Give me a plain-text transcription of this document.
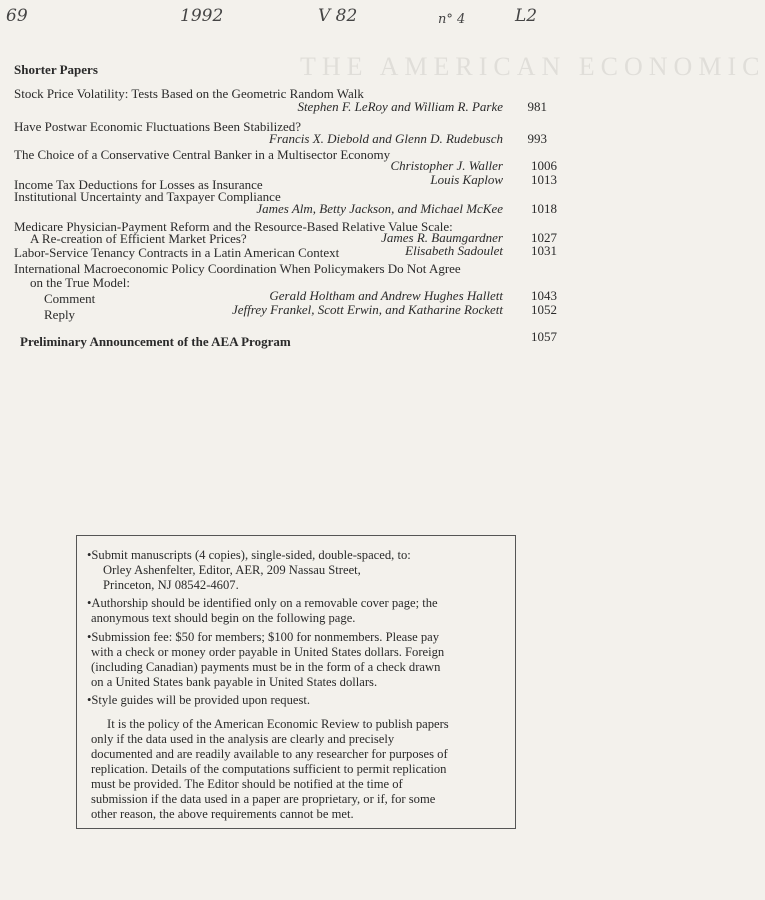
69	1992	V 82	n° 4	L2
THE AMERICAN ECONOMIC
Shorter Papers
Stock Price Volatility: Tests Based on the Geometric Random Walk
Stephen F. LeRoy and William R. Parke 981
Have Postwar Economic Fluctuations Been Stabilized?
Francis X. Diebold and Glenn D. Rudebusch 993
The Choice of a Conservative Central Banker in a Multisector Economy
Christopher J. Waller 1006
Income Tax Deductions for Losses as Insurance	Louis Kaplow 1013
Institutional Uncertainty and Taxpayer Compliance
James Alm, Betty Jackson, and Michael McKee 1018
Medicare Physician-Payment Reform and the Resource-Based Relative Value Scale:
A Re-creation of Efficient Market Prices?	James R. Baumgardner 1027
Labor-Service Tenancy Contracts in a Latin American Context	Elisabeth Sadoulet 1031
International Macroeconomic Policy Coordination When Policymakers Do Not Agree
on the True Model:
Comment	Gerald Holtham and Andrew Hughes Hallett 1043
Reply	Jeffrey Frankel, Scott Erwin, and Katharine Rockett 1052
Preliminary Announcement of the AEA Program	1057
•Submit manuscripts (4 copies), single-sided, double-spaced, to:
Orley Ashenfelter, Editor, AER, 209 Nassau Street,
Princeton, NJ 08542-4607.
•Authorship should be identified only on a removable cover page; the
anonymous text should begin on the following page.
•Submission fee: $50 for members; $100 for nonmembers. Please pay
with a check or money order payable in United States dollars. Foreign
(including Canadian) payments must be in the form of a check drawn
on a United States bank payable in United States dollars.
•Style guides will be provided upon request.
It is the policy of the American Economic Review to publish papers
only if the data used in the analysis are clearly and precisely
documented and are readily available to any researcher for purposes of
replication. Details of the computations sufficient to permit replication
must be provided. The Editor should be notified at the time of
submission if the data used in a paper are proprietary, or if, for some
other reason, the above requirements cannot be met.
